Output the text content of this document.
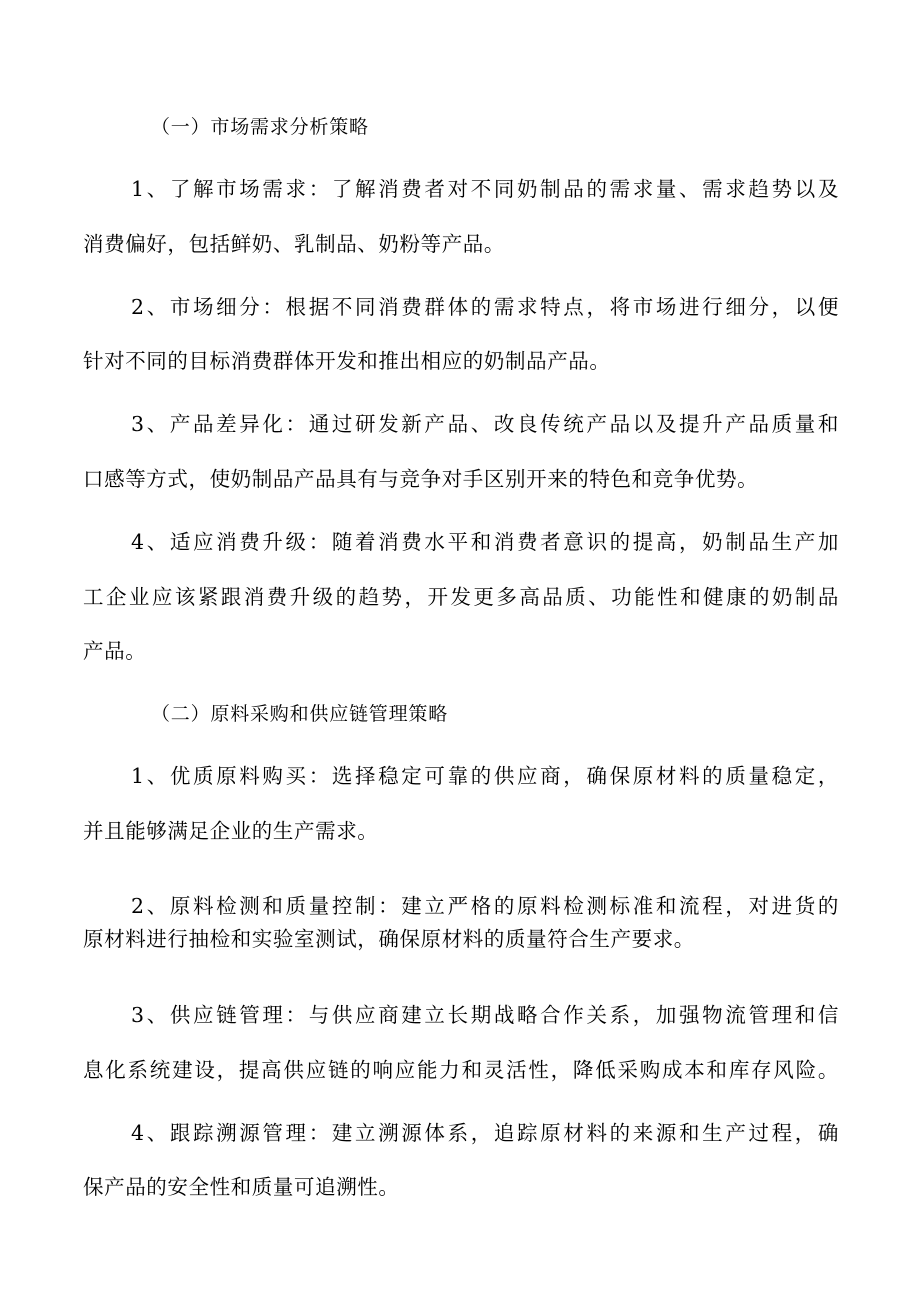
（一）市场需求分析策略
1、了解市场需求：了解消费者对不同奶制品的需求量、需求趋势以及
消费偏好，包括鲜奶、乳制品、奶粉等产品。
2、市场细分：根据不同消费群体的需求特点，将市场进行细分，以便
针对不同的目标消费群体开发和推出相应的奶制品产品。
3、产品差异化：通过研发新产品、改良传统产品以及提升产品质量和
口感等方式，使奶制品产品具有与竞争对手区别开来的特色和竞争优势。
4、适应消费升级：随着消费水平和消费者意识的提高，奶制品生产加
工企业应该紧跟消费升级的趋势，开发更多高品质、功能性和健康的奶制品
产品。
（二）原料采购和供应链管理策略
1、优质原料购买：选择稳定可靠的供应商，确保原材料的质量稳定，
并且能够满足企业的生产需求。
2、原料检测和质量控制：建立严格的原料检测标准和流程，对进货的
原材料进行抽检和实验室测试，确保原材料的质量符合生产要求。
3、供应链管理：与供应商建立长期战略合作关系，加强物流管理和信
息化系统建设，提高供应链的响应能力和灵活性，降低采购成本和库存风险。
4、跟踪溯源管理：建立溯源体系，追踪原材料的来源和生产过程，确
保产品的安全性和质量可追溯性。
